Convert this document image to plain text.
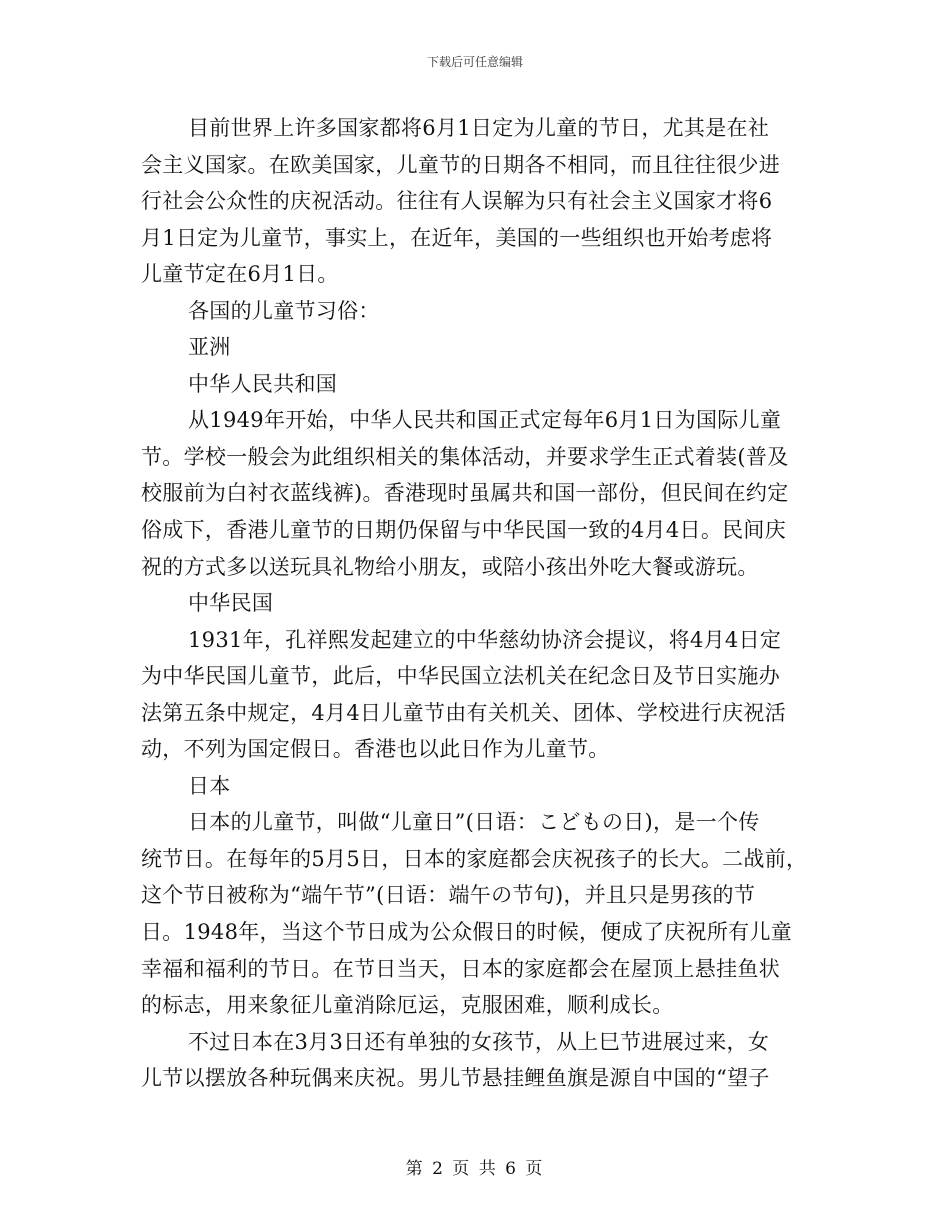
下载后可任意编辑
目前世界上许多国家都将6月1日定为儿童的节日，尤其是在社
会主义国家。在欧美国家，儿童节的日期各不相同，而且往往很少进
行社会公众性的庆祝活动。往往有人误解为只有社会主义国家才将6
月1日定为儿童节，事实上，在近年，美国的一些组织也开始考虑将
儿童节定在6月1日。
各国的儿童节习俗：
亚洲
中华人民共和国
从1949年开始，中华人民共和国正式定每年6月1日为国际儿童
节。学校一般会为此组织相关的集体活动，并要求学生正式着装(普及
校服前为白衬衣蓝线裤)。香港现时虽属共和国一部份，但民间在约定
俗成下，香港儿童节的日期仍保留与中华民国一致的4月4日。民间庆
祝的方式多以送玩具礼物给小朋友，或陪小孩出外吃大餐或游玩。
中华民国
1931年，孔祥熙发起建立的中华慈幼协济会提议，将4月4日定
为中华民国儿童节，此后，中华民国立法机关在纪念日及节日实施办
法第五条中规定，4月4日儿童节由有关机关、团体、学校进行庆祝活
动，不列为国定假日。香港也以此日作为儿童节。
日本
日本的儿童节，叫做“儿童日”(日语：こどもの日)，是一个传
统节日。在每年的5月5日，日本的家庭都会庆祝孩子的长大。二战前，
这个节日被称为“端午节”(日语：端午の节句)，并且只是男孩的节
日。1948年，当这个节日成为公众假日的时候，便成了庆祝所有儿童
幸福和福利的节日。在节日当天，日本的家庭都会在屋顶上悬挂鱼状
的标志，用来象征儿童消除厄运，克服困难，顺利成长。
不过日本在3月3日还有单独的女孩节，从上巳节进展过来，女
儿节以摆放各种玩偶来庆祝。男儿节悬挂鲤鱼旗是源自中国的“望子
第 2 页 共 6 页
